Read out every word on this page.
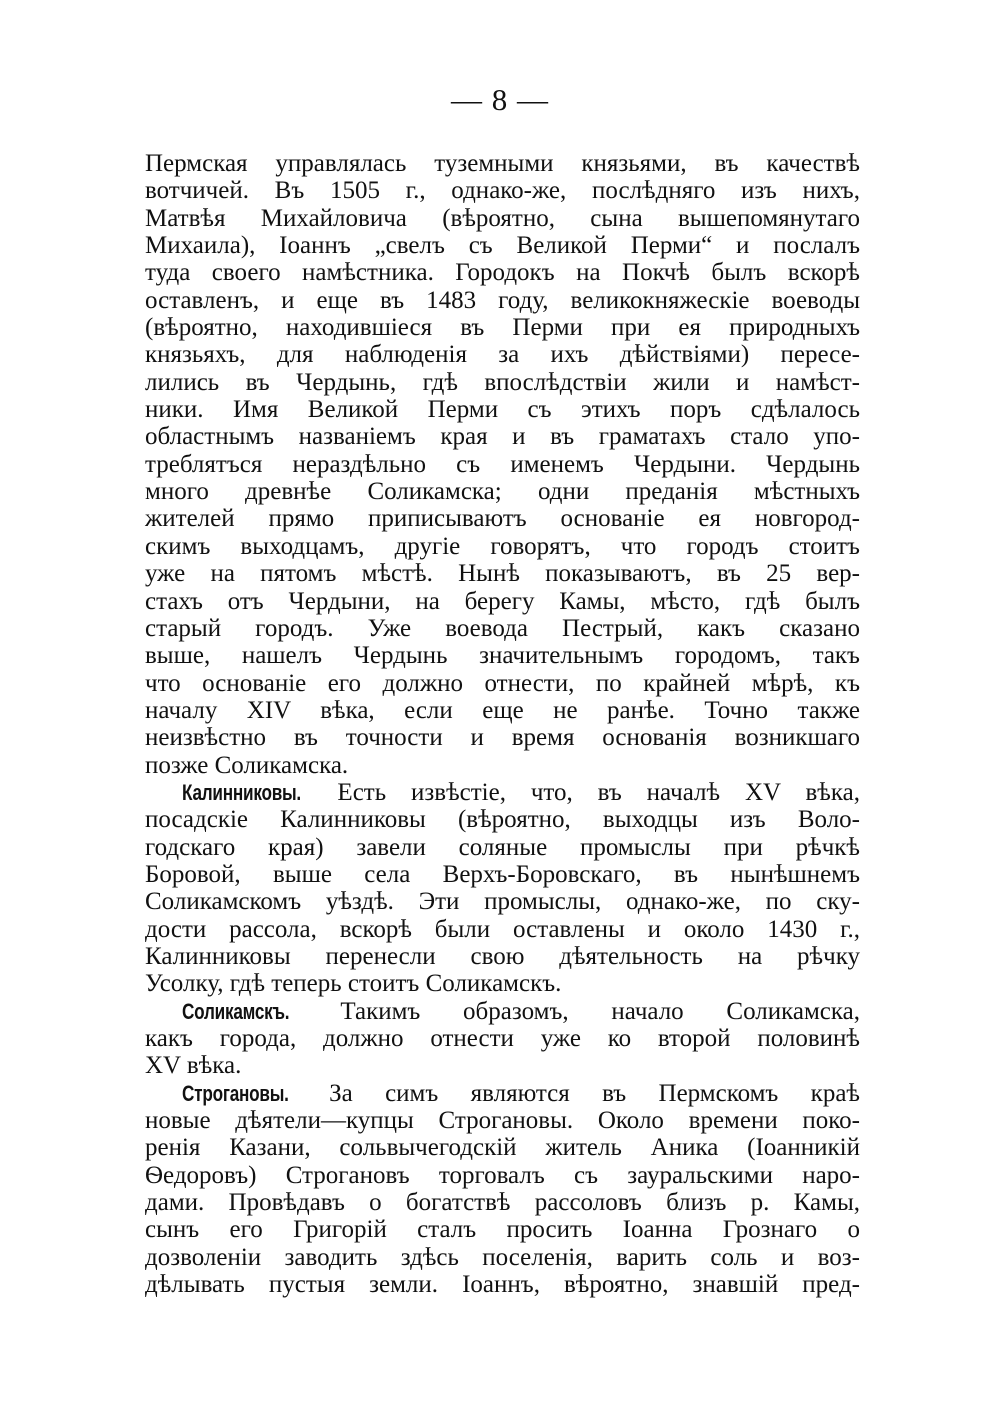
— 8 —
Пермская управлялась туземными князьями, въ качествѣ
вотчичей. Въ 1505 г., однако-же, послѣдняго изъ нихъ,
Матвѣя Михайловича (вѣроятно, сына вышепомянутаго
Михаила), Іоаннъ „свелъ съ Великой Перми“ и послалъ
туда своего намѣстника. Городокъ на Покчѣ былъ вскорѣ
оставленъ, и еще въ 1483 году, великокняжескіе воеводы
(вѣроятно, находившіеся въ Перми при ея природныхъ
князьяхъ, для наблюденія за ихъ дѣйствіями) пересе-
лились въ Чердынь, гдѣ впослѣдствіи жили и намѣст-
ники. Имя Великой Перми съ этихъ поръ сдѣлалось
областнымъ названіемъ края и въ граматахъ стало упо-
треблятъся нераздѣльно съ именемъ Чердыни. Чердынь
много древнѣе Соликамска; одни преданія мѣстныхъ
жителей прямо приписываютъ основаніе ея новгород-
скимъ выходцамъ, другіе говорятъ, что городъ стоитъ
уже на пятомъ мѣстѣ. Нынѣ показываютъ, въ 25 вер-
стахъ отъ Чердыни, на берегу Камы, мѣсто, гдѣ былъ
старый городъ. Уже воевода Пестрый, какъ сказано
выше, нашелъ Чердынь значительнымъ городомъ, такъ
что основаніе его должно отнести, по крайней мѣрѣ, къ
началу XIV вѣка, если еще не ранѣе. Точно также
неизвѣстно въ точности и время основанія возникшаго
позже Соликамска.
Калинниковы. Есть извѣстіе, что, въ началѣ XV вѣка,
посадскіе Калинниковы (вѣроятно, выходцы изъ Воло-
годскаго края) завели соляные промыслы при рѣчкѣ
Боровой, выше села Верхъ-Боровскаго, въ нынѣшнемъ
Соликамскомъ уѣздѣ. Эти промыслы, однако-же, по ску-
дости рассола, вскорѣ были оставлены и около 1430 г.,
Калинниковы перенесли свою дѣятельность на рѣчку
Усолку, гдѣ теперь стоитъ Соликамскъ.
Соликамскъ. Такимъ образомъ, начало Соликамска,
какъ города, должно отнести уже ко второй половинѣ
XV вѣка.
Строгановы. За симъ являются въ Пермскомъ краѣ
новые дѣятели—купцы Строгановы. Около времени поко-
ренія Казани, сольвычегодскій житель Аника (Іоанникій
Ѳедоровъ) Строгановъ торговалъ съ зауральскими наро-
дами. Провѣдавъ о богатствѣ рассоловъ близъ р. Камы,
сынъ его Григорій сталъ просить Іоанна Грознаго о
дозволеніи заводить здѣсь поселенія, варить соль и воз-
дѣлывать пустыя земли. Іоаннъ, вѣроятно, знавшій пред-
